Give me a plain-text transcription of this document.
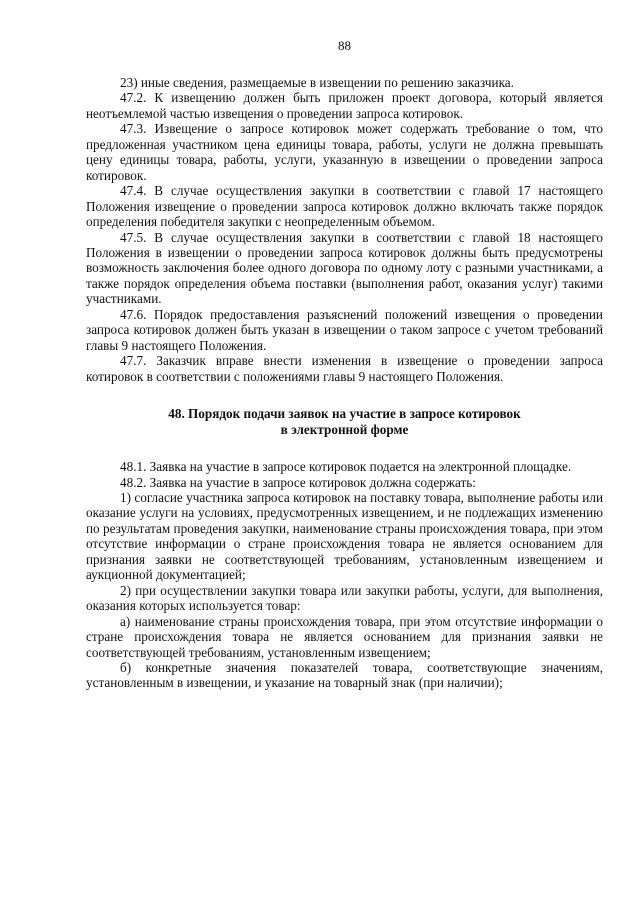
88

23) иные сведения, размещаемые в извещении по решению заказчика.

47.2. К извещению должен быть приложен проект договора, который является неотъемлемой частью извещения о проведении запроса котировок.

47.3. Извещение о запросе котировок может содержать требование о том, что предложенная участником цена единицы товара, работы, услуги не должна превышать цену единицы товара, работы, услуги, указанную в извещении о проведении запроса котировок.

47.4. В случае осуществления закупки в соответствии с главой 17 настоящего Положения извещение о проведении запроса котировок должно включать также порядок определения победителя закупки с неопределенным объемом.

47.5. В случае осуществления закупки в соответствии с главой 18 настоящего Положения в извещении о проведении запроса котировок должны быть предусмотрены возможность заключения более одного договора по одному лоту с разными участниками, а также порядок определения объема поставки (выполнения работ, оказания услуг) такими участниками.

47.6. Порядок предоставления разъяснений положений извещения о проведении запроса котировок должен быть указан в извещении о таком запросе с учетом требований главы 9 настоящего Положения.

47.7. Заказчик вправе внести изменения в извещение о проведении запроса котировок в соответствии с положениями главы 9 настоящего Положения.

48. Порядок подачи заявок на участие в запросе котировок
в электронной форме

48.1. Заявка на участие в запросе котировок подается на электронной площадке.

48.2. Заявка на участие в запросе котировок должна содержать:

1) согласие участника запроса котировок на поставку товара, выполнение работы или оказание услуги на условиях, предусмотренных извещением, и не подлежащих изменению по результатам проведения закупки, наименование страны происхождения товара, при этом отсутствие информации о стране происхождения товара не является основанием для признания заявки не соответствующей требованиям, установленным извещением и аукционной документацией;

2) при осуществлении закупки товара или закупки работы, услуги, для выполнения, оказания которых используется товар:

а) наименование страны происхождения товара, при этом отсутствие информации о стране происхождения товара не является основанием для признания заявки не соответствующей требованиям, установленным извещением;

б) конкретные значения показателей товара, соответствующие значениям, установленным в извещении, и указание на товарный знак (при наличии);
